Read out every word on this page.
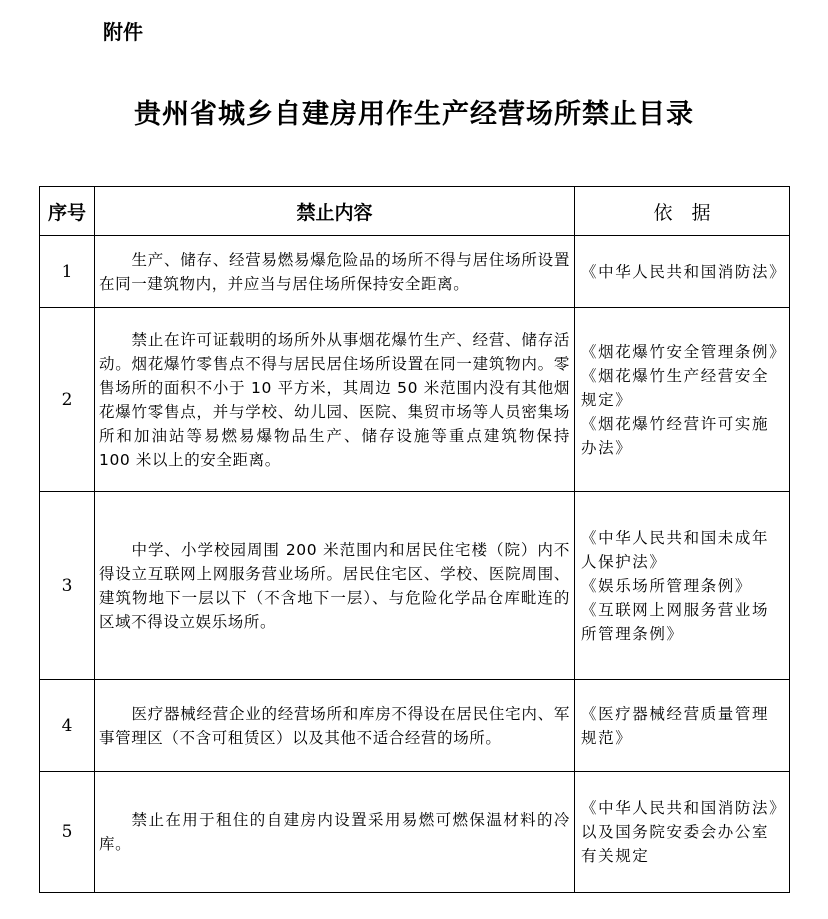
附件
贵州省城乡自建房用作生产经营场所禁止目录
序号	禁止内容	依　据
1	生产、储存、经营易燃易爆危险品的场所不得与居住场所设置在同一建筑物内，并应当与居住场所保持安全距离。	《中华人民共和国消防法》

2	禁止在许可证载明的场所外从事烟花爆竹生产、经营、储存活动。烟花爆竹零售点不得与居民居住场所设置在同一建筑物内。零售场所的面积不小于 10 平方米，其周边 50 米范围内没有其他烟花爆竹零售点，并与学校、幼儿园、医院、集贸市场等人员密集场所和加油站等易燃易爆物品生产、储存设施等重点建筑物保持 100 米以上的安全距离。	《烟花爆竹安全管理条例》
《烟花爆竹生产经营安全规定》
《烟花爆竹经营许可实施办法》

3	中学、小学校园周围 200 米范围内和居民住宅楼（院）内不得设立互联网上网服务营业场所。居民住宅区、学校、医院周围、建筑物地下一层以下（不含地下一层）、与危险化学品仓库毗连的区域不得设立娱乐场所。	《中华人民共和国未成年人保护法》
《娱乐场所管理条例》
《互联网上网服务营业场所管理条例》

4	医疗器械经营企业的经营场所和库房不得设在居民住宅内、军事管理区（不含可租赁区）以及其他不适合经营的场所。	《医疗器械经营质量管理规范》

5	禁止在用于租住的自建房内设置采用易燃可燃保温材料的冷库。	《中华人民共和国消防法》以及国务院安委会办公室有关规定
